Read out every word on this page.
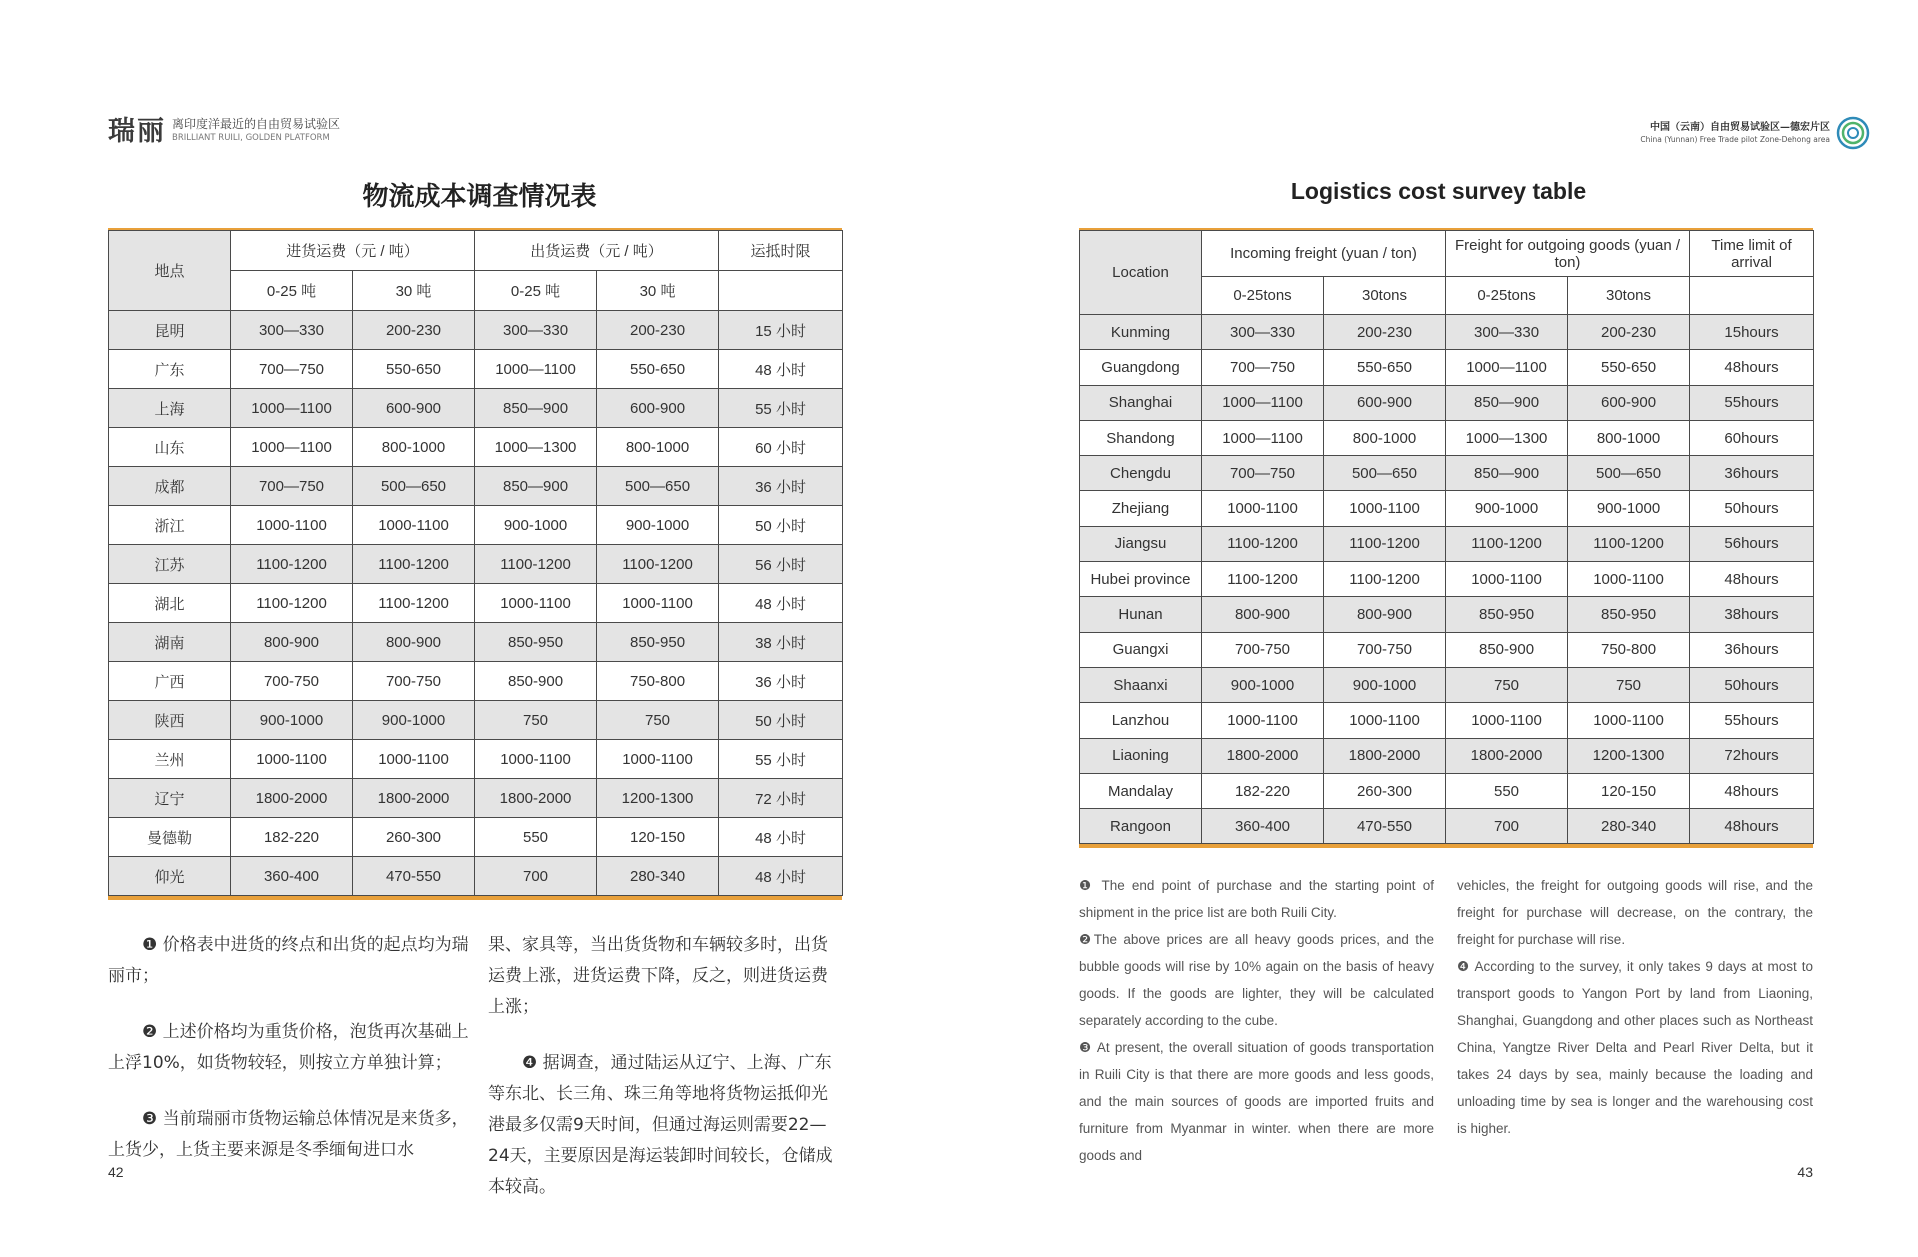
瑞丽 离印度洋最近的自由贸易试验区
BRILLIANT RUILI, GOLDEN PLATFORM
物流成本调查情况表
地点	进货运费（元 / 吨）		出货运费（元 / 吨）		运抵时限
	0-25 吨	30 吨	0-25 吨	30 吨	
昆明	300—330	200-230	300—330	200-230	15 小时
广东	700—750	550-650	1000—1100	550-650	48 小时
上海	1000—1100	600-900	850—900	600-900	55 小时
山东	1000—1100	800-1000	1000—1300	800-1000	60 小时
成都	700—750	500—650	850—900	500—650	36 小时
浙江	1000-1100	1000-1100	900-1000	900-1000	50 小时
江苏	1100-1200	1100-1200	1100-1200	1100-1200	56 小时
湖北	1100-1200	1100-1200	1000-1100	1000-1100	48 小时
湖南	800-900	800-900	850-950	850-950	38 小时
广西	700-750	700-750	850-900	750-800	36 小时
陕西	900-1000	900-1000	750	750	50 小时
兰州	1000-1100	1000-1100	1000-1100	1000-1100	55 小时
辽宁	1800-2000	1800-2000	1800-2000	1200-1300	72 小时
曼德勒	182-220	260-300	550	120-150	48 小时
仰光	360-400	470-550	700	280-340	48 小时

❶ 价格表中进货的终点和出货的起点均为瑞丽市；

❷ 上述价格均为重货价格，泡货再次基础上上浮10%，如货物较轻，则按立方单独计算；

❸ 当前瑞丽市货物运输总体情况是来货多，上货少，上货主要来源是冬季缅甸进口水

果、家具等，当出货货物和车辆较多时，出货运费上涨，进货运费下降，反之，则进货运费上涨；

❹ 据调查，通过陆运从辽宁、上海、广东等东北、长三角、珠三角等地将货物运抵仰光港最多仅需9天时间，但通过海运则需要22—24天，主要原因是海运装卸时间较长，仓储成本较高。

42
中国（云南）自由贸易试验区—德宏片区
China (Yunnan) Free Trade pilot Zone-Dehong area
Logistics cost survey table
Location	Incoming freight (yuan / ton)		Freight for outgoing goods (yuan / ton)		Time limit of arrival
	0-25tons	30tons	0-25tons	30tons	
Kunming	300—330	200-230	300—330	200-230	15hours
Guangdong	700—750	550-650	1000—1100	550-650	48hours
Shanghai	1000—1100	600-900	850—900	600-900	55hours
Shandong	1000—1100	800-1000	1000—1300	800-1000	60hours
Chengdu	700—750	500—650	850—900	500—650	36hours
Zhejiang	1000-1100	1000-1100	900-1000	900-1000	50hours
Jiangsu	1100-1200	1100-1200	1100-1200	1100-1200	56hours
Hubei province	1100-1200	1100-1200	1000-1100	1000-1100	48hours
Hunan	800-900	800-900	850-950	850-950	38hours
Guangxi	700-750	700-750	850-900	750-800	36hours
Shaanxi	900-1000	900-1000	750	750	50hours
Lanzhou	1000-1100	1000-1100	1000-1100	1000-1100	55hours
Liaoning	1800-2000	1800-2000	1800-2000	1200-1300	72hours
Mandalay	182-220	260-300	550	120-150	48hours
Rangoon	360-400	470-550	700	280-340	48hours

❶ The end point of purchase and the starting point of shipment in the price list are both Ruili City.

❷The above prices are all heavy goods prices, and the bubble goods will rise by 10% again on the basis of heavy goods. If the goods are lighter, they will be calculated separately according to the cube.

❸ At present, the overall situation of goods transportation in Ruili City is that there are more goods and less goods, and the main sources of goods are imported fruits and furniture from Myanmar in winter. when there are more goods and

vehicles, the freight for outgoing goods will rise, and the freight for purchase will decrease, on the contrary, the freight for purchase will rise.

❹ According to the survey, it only takes 9 days at most to transport goods to Yangon Port by land from Liaoning, Shanghai, Guangdong and other places such as Northeast China, Yangtze River Delta and Pearl River Delta, but it takes 24 days by sea, mainly because the loading and unloading time by sea is longer and the warehousing cost is higher.

43
